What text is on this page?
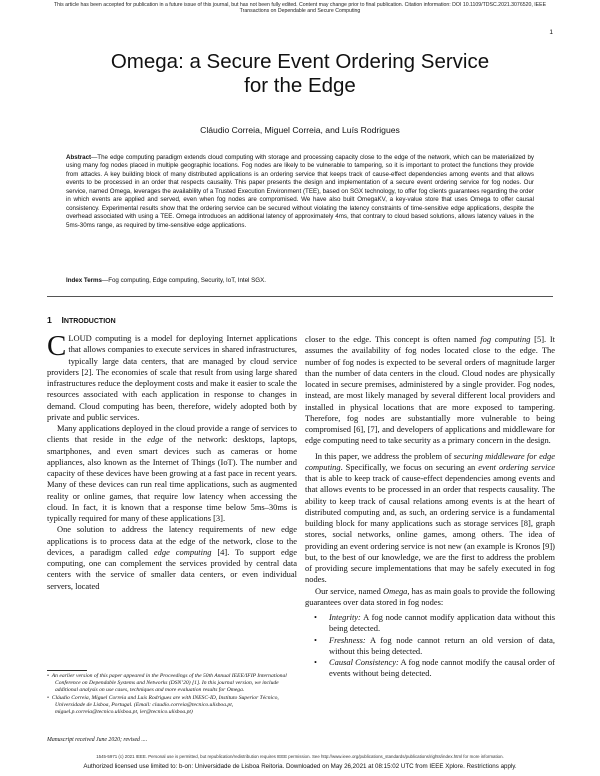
This article has been accepted for publication in a future issue of this journal, but has not been fully edited. Content may change prior to final publication. Citation information: DOI 10.1109/TDSC.2021.3076520, IEEE
Transactions on Dependable and Secure Computing
1
Omega: a Secure Event Ordering Service
for the Edge
Cláudio Correia, Miguel Correia, and Luís Rodrigues
Abstract—The edge computing paradigm extends cloud computing with storage and processing capacity close to the edge of the network, which can be materialized by using many fog nodes placed in multiple geographic locations. Fog nodes are likely to be vulnerable to tampering, so it is important to protect the functions they provide from attacks. A key building block of many distributed applications is an ordering service that keeps track of cause-effect dependencies among events and that allows events to be processed in an order that respects causality. This paper presents the design and implementation of a secure event ordering service for fog nodes. Our service, named Omega, leverages the availability of a Trusted Execution Environment (TEE), based on SGX technology, to offer fog clients guarantees regarding the order in which events are applied and served, even when fog nodes are compromised. We have also built OmegaKV, a key-value store that uses Omega to offer causal consistency. Experimental results show that the ordering service can be secured without violating the latency constraints of time-sensitive edge applications, despite the overhead associated with using a TEE. Omega introduces an additional latency of approximately 4ms, that contrary to cloud based solutions, allows latency values in the 5ms-30ms range, as required by time-sensitive edge applications.
Index Terms—Fog computing, Edge computing, Security, IoT, Intel SGX.
1 INTRODUCTION

CLOUD computing is a model for deploying Internet applications that allows companies to execute services in shared infrastructures, typically large data centers, that are managed by cloud service providers [2]. The economies of scale that result from using large shared infrastructures reduce the deployment costs and make it easier to scale the resources associated with each application in response to changes in demand. Cloud computing has been, therefore, widely adopted both by private and public services.

Many applications deployed in the cloud provide a range of services to clients that reside in the edge of the network: desktops, laptops, smartphones, and even smart devices such as cameras or home appliances, also known as the Internet of Things (IoT). The number and capacity of these devices have been growing at a fast pace in recent years. Many of these devices can run real time applications, such as augmented reality or online games, that require low latency when accessing the cloud. In fact, it is known that a response time below 5ms–30ms is typically required for many of these applications [3].

One solution to address the latency requirements of new edge applications is to process data at the edge of the network, close to the devices, a paradigm called edge computing [4]. To support edge computing, one can complement the services provided by central data centers with the service of smaller data centers, or even individual servers, located

•  An earlier version of this paper appeared in the Proceedings of the 50th Annual IEEE/IFIP International Conference on Dependable Systems and Networks (DSN’20) [1]. In this journal version, we include additional analysis on use cases, techniques and more evaluation results for Omega.
•  Cláudio Correia, Miguel Correia and Luís Rodrigues are with INESC-ID, Instituto Superior Técnico, Universidade de Lisboa, Portugal. (Email: claudio.correia@tecnico.ulisboa.pt, miguel.p.correia@tecnico.ulisboa.pt, ler@tecnico.ulisboa.pt)
Manuscript received June 2020; revised ....

closer to the edge. This concept is often named fog computing [5]. It assumes the availability of fog nodes located close to the edge. The number of fog nodes is expected to be several orders of magnitude larger than the number of data centers in the cloud. Cloud nodes are physically located in secure premises, administered by a single provider. Fog nodes, instead, are most likely managed by several different local providers and installed in physical locations that are more exposed to tampering. Therefore, fog nodes are substantially more vulnerable to being compromised [6], [7], and developers of applications and middleware for edge computing need to take security as a primary concern in the design.

In this paper, we address the problem of securing middleware for edge computing. Specifically, we focus on securing an event ordering service that is able to keep track of cause-effect dependencies among events and that allows events to be processed in an order that respects causality. The ability to keep track of causal relations among events is at the heart of distributed computing and, as such, an ordering service is a fundamental building block for many applications such as storage services [8], graph stores, social networks, online games, among others. The idea of providing an event ordering service is not new (an example is Kronos [9]) but, to the best of our knowledge, we are the first to address the problem of providing secure implementations that may be safely executed in fog nodes.

Our service, named Omega, has as main goals to provide the following guarantees over data stored in fog nodes:

• Integrity: A fog node cannot modify application data without this being detected.
• Freshness: A fog node cannot return an old version of data, without this being detected.
• Causal Consistency: A fog node cannot modify the causal order of events without being detected.
1545-5971 (c) 2021 IEEE. Personal use is permitted, but republication/redistribution requires IEEE permission. See http://www.ieee.org/publications_standards/publications/rights/index.html for more information.
Authorized licensed use limited to: b-on: Universidade de Lisboa Reitoria. Downloaded on May 26,2021 at 08:15:02 UTC from IEEE Xplore. Restrictions apply.
